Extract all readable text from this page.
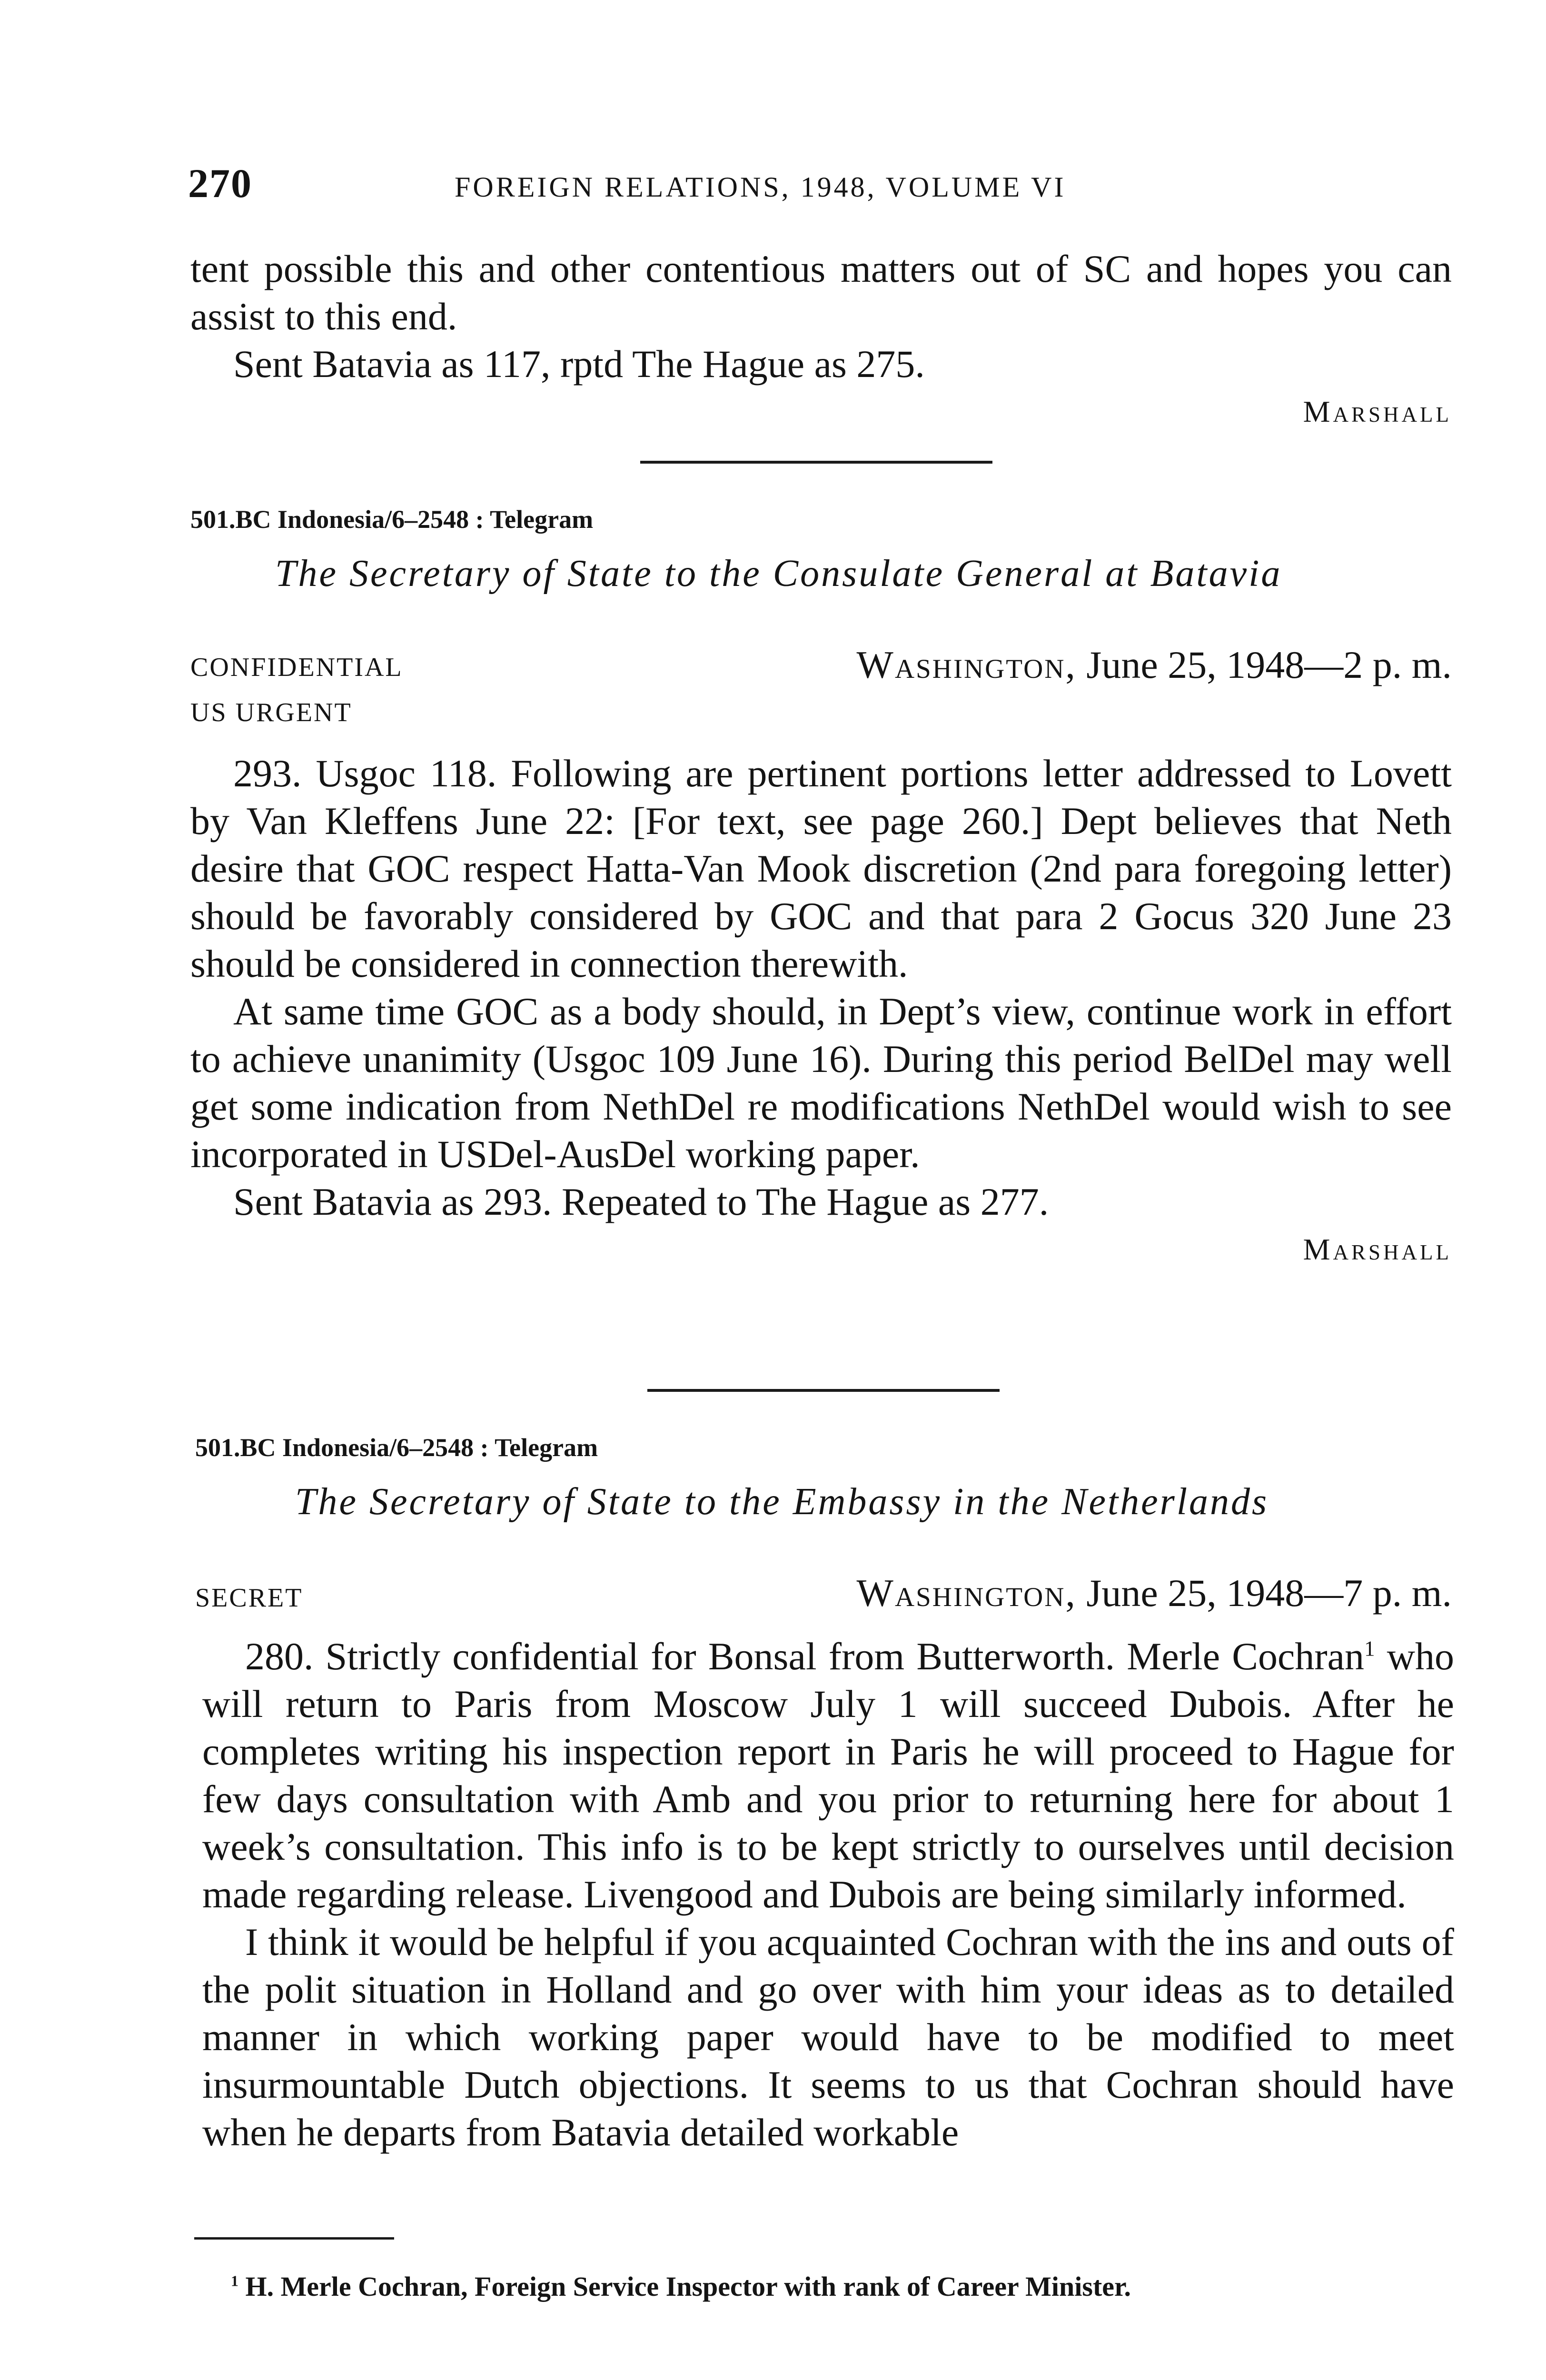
270	FOREIGN RELATIONS, 1948, VOLUME VI

tent possible this and other contentious matters out of SC and hopes you can assist to this end.

Sent Batavia as 117, rptd The Hague as 275.

Marshall

501.BC Indonesia/6–2548 : Telegram
The Secretary of State to the Consulate General at Batavia
CONFIDENTIAL	Washington, June 25, 1948—2 p. m.
US URGENT

293. Usgoc 118. Following are pertinent portions letter addressed to Lovett by Van Kleffens June 22: [For text, see page 260.] Dept believes that Neth desire that GOC respect Hatta-Van Mook discretion (2nd para foregoing letter) should be favorably considered by GOC and that para 2 Gocus 320 June 23 should be considered in connection therewith.

At same time GOC as a body should, in Dept’s view, continue work in effort to achieve unanimity (Usgoc 109 June 16). During this period BelDel may well get some indication from NethDel re modifications NethDel would wish to see incorporated in USDel-AusDel working paper.

Sent Batavia as 293. Repeated to The Hague as 277.

Marshall

501.BC Indonesia/6–2548 : Telegram
The Secretary of State to the Embassy in the Netherlands
SECRET	Washington, June 25, 1948—7 p. m.

280. Strictly confidential for Bonsal from Butterworth. Merle Cochran$^1$ who will return to Paris from Moscow July 1 will succeed Dubois. After he completes writing his inspection report in Paris he will proceed to Hague for few days consultation with Amb and you prior to returning here for about 1 week’s consultation. This info is to be kept strictly to ourselves until decision made regarding release. Livengood and Dubois are being similarly informed.

I think it would be helpful if you acquainted Cochran with the ins and outs of the polit situation in Holland and go over with him your ideas as to detailed manner in which working paper would have to be modified to meet insurmountable Dutch objections. It seems to us that Cochran should have when he departs from Batavia detailed workable

$^1$ H. Merle Cochran, Foreign Service Inspector with rank of Career Minister.
